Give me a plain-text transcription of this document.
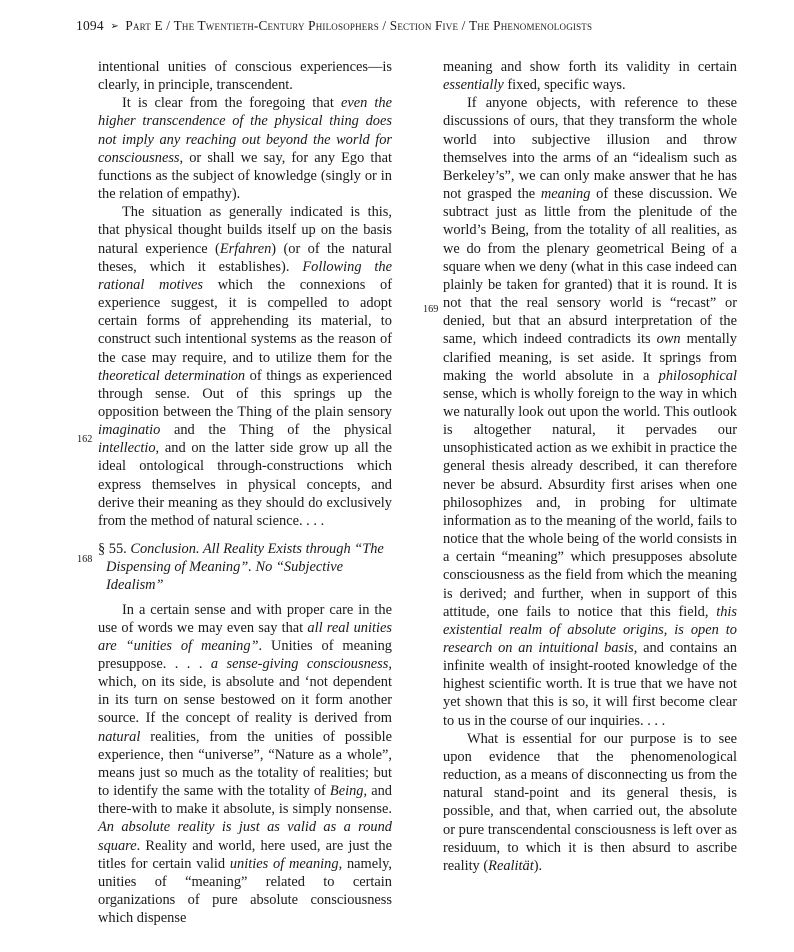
1094 ➢ Part E / The Twentieth-Century Philosophers / Section Five / The Phenomenologists
162
168
169

intentional unities of conscious experiences—is clearly, in principle, transcendent.

It is clear from the foregoing that even the higher transcendence of the physical thing does not imply any reaching out beyond the world for consciousness, or shall we say, for any Ego that functions as the subject of knowledge (singly or in the relation of empathy).

The situation as generally indicated is this, that physical thought builds itself up on the basis natural experience (Erfahren) (or of the natural theses, which it establishes). Following the rational motives which the connexions of experience suggest, it is compelled to adopt certain forms of apprehending its material, to construct such intentional systems as the reason of the case may require, and to utilize them for the theoretical determination of things as experienced through sense. Out of this springs up the opposition between the Thing of the plain sensory imaginatio and the Thing of the physical intellectio, and on the latter side grow up all the ideal ontological through-constructions which express themselves in physical concepts, and derive their meaning as they should do exclusively from the method of natural science. . . .

§ 55. Conclusion. All Reality Exists through “The Dispensing of Meaning”. No “Subjective Idealism”

In a certain sense and with proper care in the use of words we may even say that all real unities are “unities of meaning”. Unities of meaning presuppose. . . . a sense-giving consciousness, which, on its side, is absolute and ‘not dependent in its turn on sense bestowed on it form another source. If the concept of reality is derived from natural realities, from the unities of possible experience, then “universe”, “Nature as a whole”, means just so much as the totality of realities; but to identify the same with the totality of Being, and there-with to make it absolute, is simply nonsense. An absolute reality is just as valid as a round square. Reality and world, here used, are just the titles for certain valid unities of meaning, namely, unities of “meaning” related to certain organizations of pure absolute consciousness which dispense

meaning and show forth its validity in certain essentially fixed, specific ways.

If anyone objects, with reference to these discussions of ours, that they transform the whole world into subjective illusion and throw themselves into the arms of an “idealism such as Berkeley’s”, we can only make answer that he has not grasped the meaning of these discussion. We subtract just as little from the plenitude of the world’s Being, from the totality of all realities, as we do from the plenary geometrical Being of a square when we deny (what in this case indeed can plainly be taken for granted) that it is round. It is not that the real sensory world is “recast” or denied, but that an absurd interpretation of the same, which indeed contradicts its own mentally clarified meaning, is set aside. It springs from making the world absolute in a philosophical sense, which is wholly foreign to the way in which we naturally look out upon the world. This outlook is altogether natural, it pervades our unsophisticated action as we exhibit in practice the general thesis already described, it can therefore never be absurd. Absurdity first arises when one philosophizes and, in probing for ultimate information as to the meaning of the world, fails to notice that the whole being of the world consists in a certain “meaning” which presupposes absolute consciousness as the field from which the meaning is derived; and further, when in support of this attitude, one fails to notice that this field, this existential realm of absolute origins, is open to research on an intuitional basis, and contains an infinite wealth of insight-rooted knowledge of the highest scientific worth. It is true that we have not yet shown that this is so, it will first become clear to us in the course of our inquiries. . . .

What is essential for our purpose is to see upon evidence that the phenomenological reduction, as a means of disconnecting us from the natural stand-point and its general thesis, is possible, and that, when carried out, the absolute or pure transcendental consciousness is left over as residuum, to which it is then absurd to ascribe reality (Realität).
